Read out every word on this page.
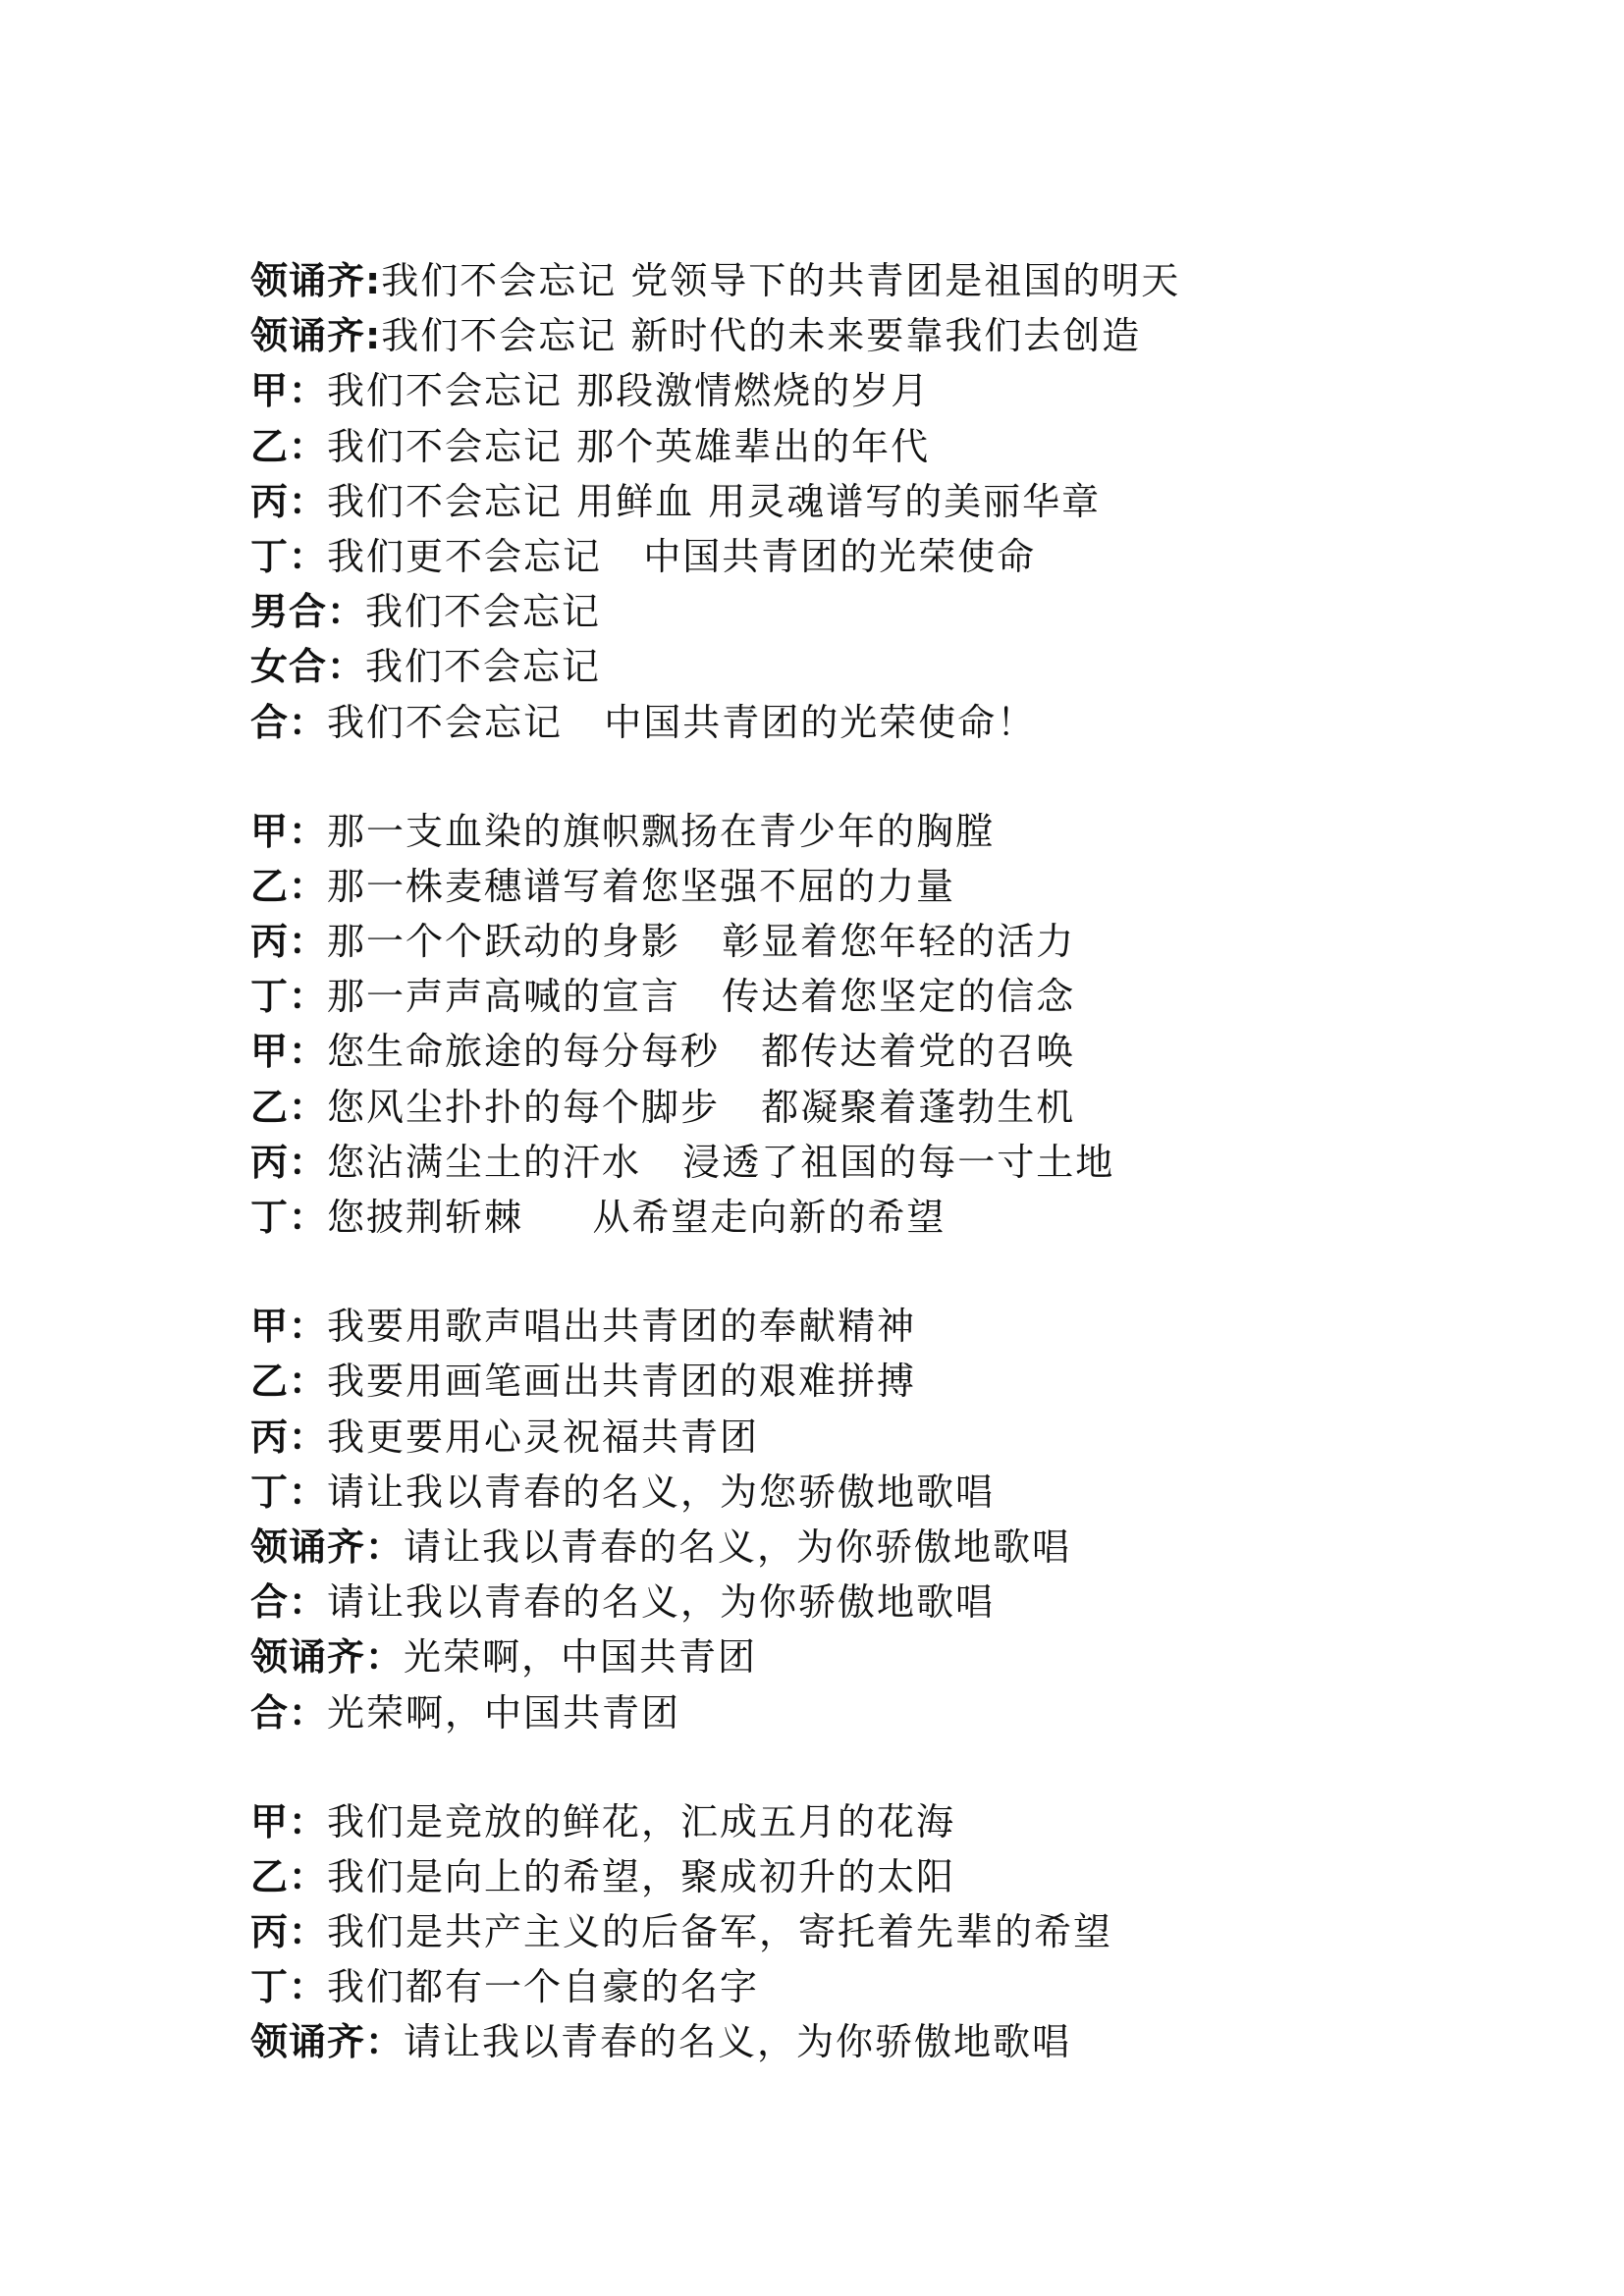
领诵齐:我们不会忘记 党领导下的共青团是祖国的明天
领诵齐:我们不会忘记 新时代的未来要靠我们去创造
甲：我们不会忘记 那段激情燃烧的岁月
乙：我们不会忘记 那个英雄辈出的年代
丙：我们不会忘记 用鲜血 用灵魂谱写的美丽华章
丁：我们更不会忘记   中国共青团的光荣使命
男合：我们不会忘记
女合：我们不会忘记
合：我们不会忘记   中国共青团的光荣使命！
甲：那一支血染的旗帜飘扬在青少年的胸膛
乙：那一株麦穗谱写着您坚强不屈的力量
丙：那一个个跃动的身影   彰显着您年轻的活力
丁：那一声声高喊的宣言   传达着您坚定的信念
甲：您生命旅途的每分每秒   都传达着党的召唤
乙：您风尘扑扑的每个脚步   都凝聚着蓬勃生机
丙：您沾满尘土的汗水   浸透了祖国的每一寸土地
丁：您披荆斩棘     从希望走向新的希望
甲：我要用歌声唱出共青团的奉献精神
乙：我要用画笔画出共青团的艰难拼搏
丙：我更要用心灵祝福共青团
丁：请让我以青春的名义，为您骄傲地歌唱
领诵齐：请让我以青春的名义，为你骄傲地歌唱
合：请让我以青春的名义，为你骄傲地歌唱
领诵齐：光荣啊，中国共青团
合：光荣啊，中国共青团
甲：我们是竞放的鲜花，汇成五月的花海
乙：我们是向上的希望，聚成初升的太阳
丙：我们是共产主义的后备军，寄托着先辈的希望
丁：我们都有一个自豪的名字
领诵齐：请让我以青春的名义，为你骄傲地歌唱
